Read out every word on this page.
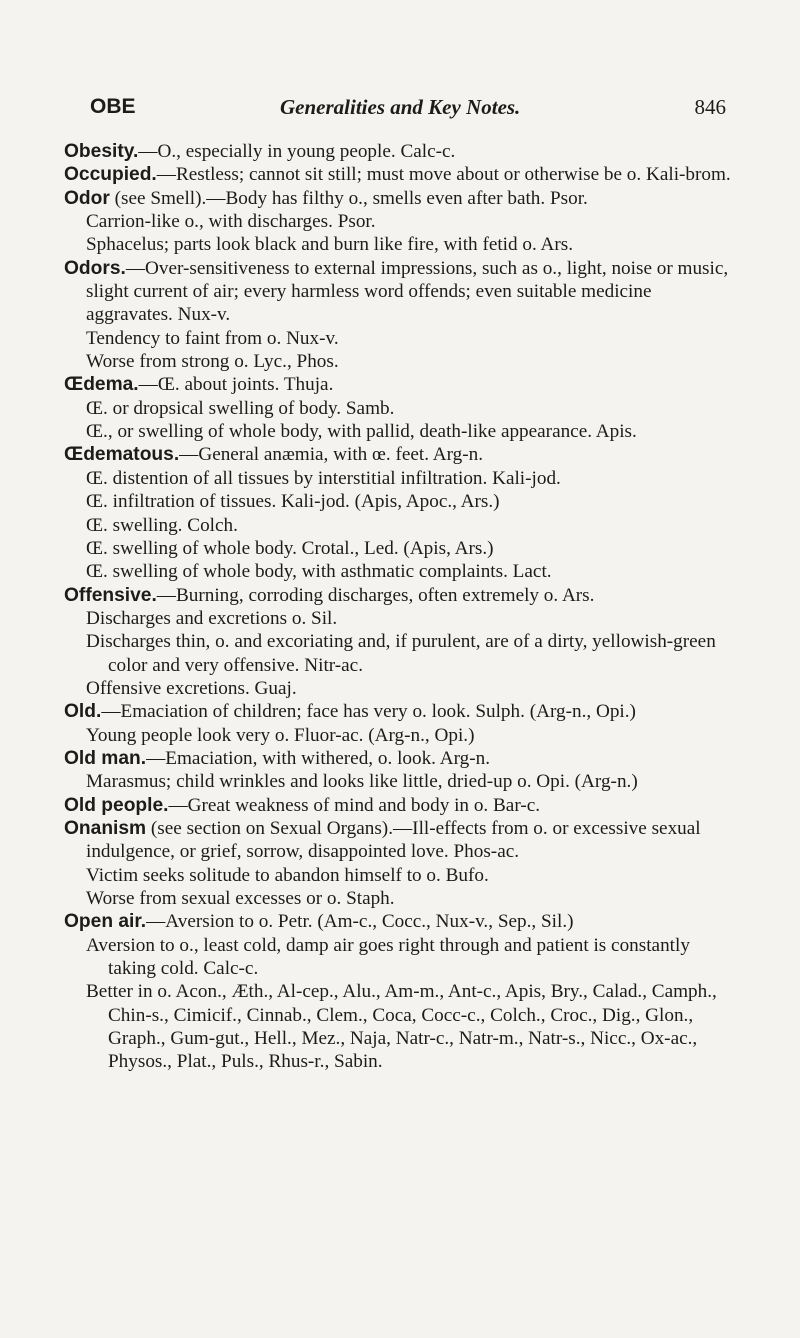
OBE	Generalities and Key Notes.	846

Obesity.—O., especially in young people. Calc-c.

Occupied.—Restless; cannot sit still; must move about or otherwise be o. Kali-brom.

Odor (see Smell).—Body has filthy o., smells even after bath. Psor.

Carrion-like o., with discharges. Psor.

Sphacelus; parts look black and burn like fire, with fetid o. Ars.

Odors.—Over-sensitiveness to external impressions, such as o., light, noise or music, slight current of air; every harmless word offends; even suitable medicine aggravates. Nux-v.

Tendency to faint from o. Nux-v.

Worse from strong o. Lyc., Phos.

Œdema.—Œ. about joints. Thuja.

Œ. or dropsical swelling of body. Samb.

Œ., or swelling of whole body, with pallid, death-like appearance. Apis.

Œdematous.—General anæmia, with œ. feet. Arg-n.

Œ. distention of all tissues by interstitial infiltration. Kali-jod.

Œ. infiltration of tissues. Kali-jod. (Apis, Apoc., Ars.)

Œ. swelling. Colch.

Œ. swelling of whole body. Crotal., Led. (Apis, Ars.)

Œ. swelling of whole body, with asthmatic complaints. Lact.

Offensive.—Burning, corroding discharges, often extremely o. Ars.

Discharges and excretions o. Sil.

Discharges thin, o. and excoriating and, if purulent, are of a dirty, yellowish-green color and very offensive. Nitr-ac.

Offensive excretions. Guaj.

Old.—Emaciation of children; face has very o. look. Sulph. (Arg-n., Opi.)

Young people look very o. Fluor-ac. (Arg-n., Opi.)

Old man.—Emaciation, with withered, o. look. Arg-n.

Marasmus; child wrinkles and looks like little, dried-up o. Opi. (Arg-n.)

Old people.—Great weakness of mind and body in o. Bar-c.

Onanism (see section on Sexual Organs).—Ill-effects from o. or excessive sexual indulgence, or grief, sorrow, disappointed love. Phos-ac.

Victim seeks solitude to abandon himself to o. Bufo.

Worse from sexual excesses or o. Staph.

Open air.—Aversion to o. Petr. (Am-c., Cocc., Nux-v., Sep., Sil.)

Aversion to o., least cold, damp air goes right through and patient is constantly taking cold. Calc-c.

Better in o. Acon., Æth., Al-cep., Alu., Am-m., Ant-c., Apis, Bry., Calad., Camph., Chin-s., Cimicif., Cinnab., Clem., Coca, Cocc-c., Colch., Croc., Dig., Glon., Graph., Gum-gut., Hell., Mez., Naja, Natr-c., Natr-m., Natr-s., Nicc., Ox-ac., Physos., Plat., Puls., Rhus-r., Sabin.
